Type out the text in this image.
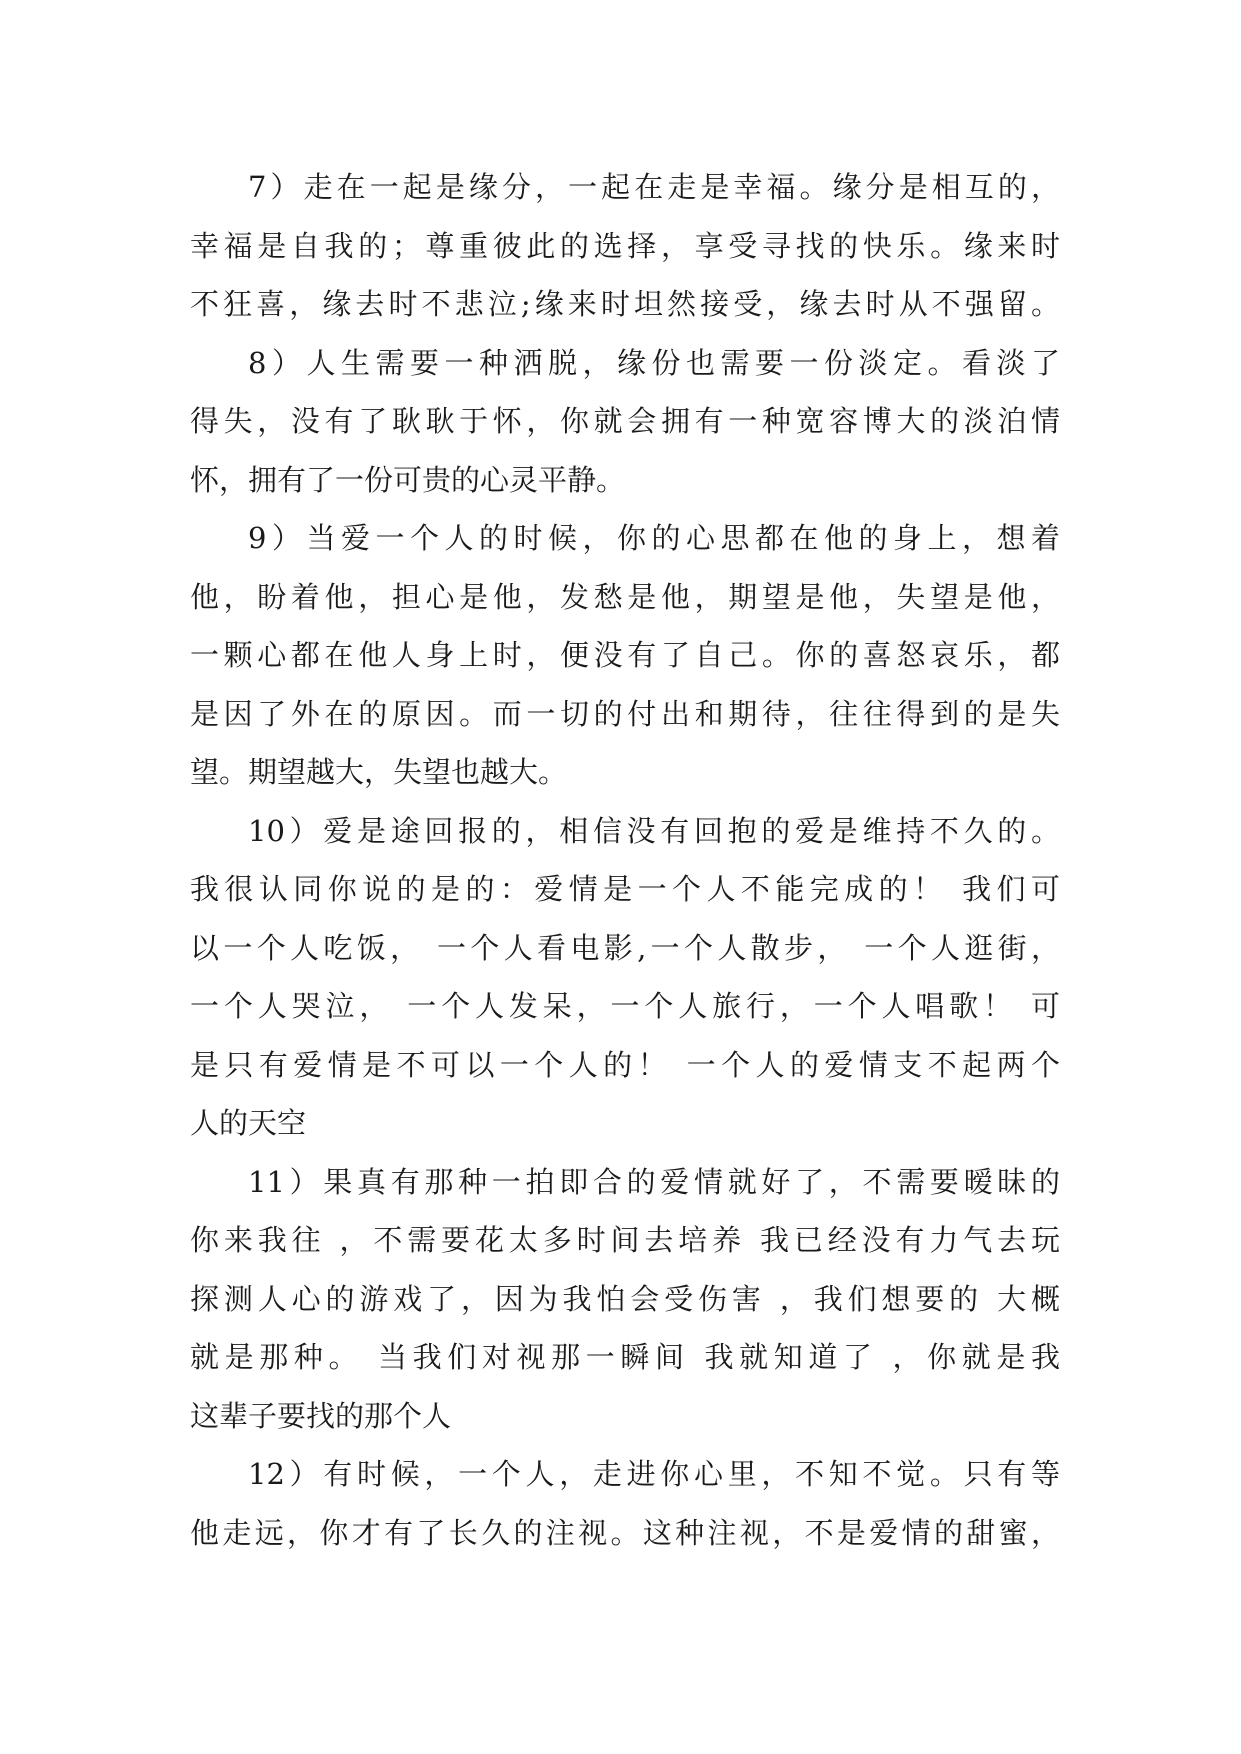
7）走在一起是缘分，一起在走是幸福。缘分是相互的，
幸福是自我的；尊重彼此的选择，享受寻找的快乐。缘来时
不狂喜，缘去时不悲泣;缘来时坦然接受，缘去时从不强留。
8）人生需要一种洒脱，缘份也需要一份淡定。看淡了
得失，没有了耿耿于怀，你就会拥有一种宽容博大的淡泊情
怀，拥有了一份可贵的心灵平静。
9）当爱一个人的时候，你的心思都在他的身上，想着
他，盼着他，担心是他，发愁是他，期望是他，失望是他，
一颗心都在他人身上时，便没有了自己。你的喜怒哀乐，都
是因了外在的原因。而一切的付出和期待，往往得到的是失
望。期望越大，失望也越大。
10）爱是途回报的，相信没有回抱的爱是维持不久的。
我很认同你说的是的：爱情是一个人不能完成的！ 我们可
以一个人吃饭， 一个人看电影,一个人散步， 一个人逛街，
一个人哭泣， 一个人发呆，一个人旅行，一个人唱歌！ 可
是只有爱情是不可以一个人的！ 一个人的爱情支不起两个
人的天空
11）果真有那种一拍即合的爱情就好了，不需要暧昧的
你来我往 ，不需要花太多时间去培养 我已经没有力气去玩
探测人心的游戏了，因为我怕会受伤害 ，我们想要的 大概
就是那种。 当我们对视那一瞬间 我就知道了 ，你就是我
这辈子要找的那个人
12）有时候，一个人，走进你心里，不知不觉。只有等
他走远，你才有了长久的注视。这种注视，不是爱情的甜蜜，
